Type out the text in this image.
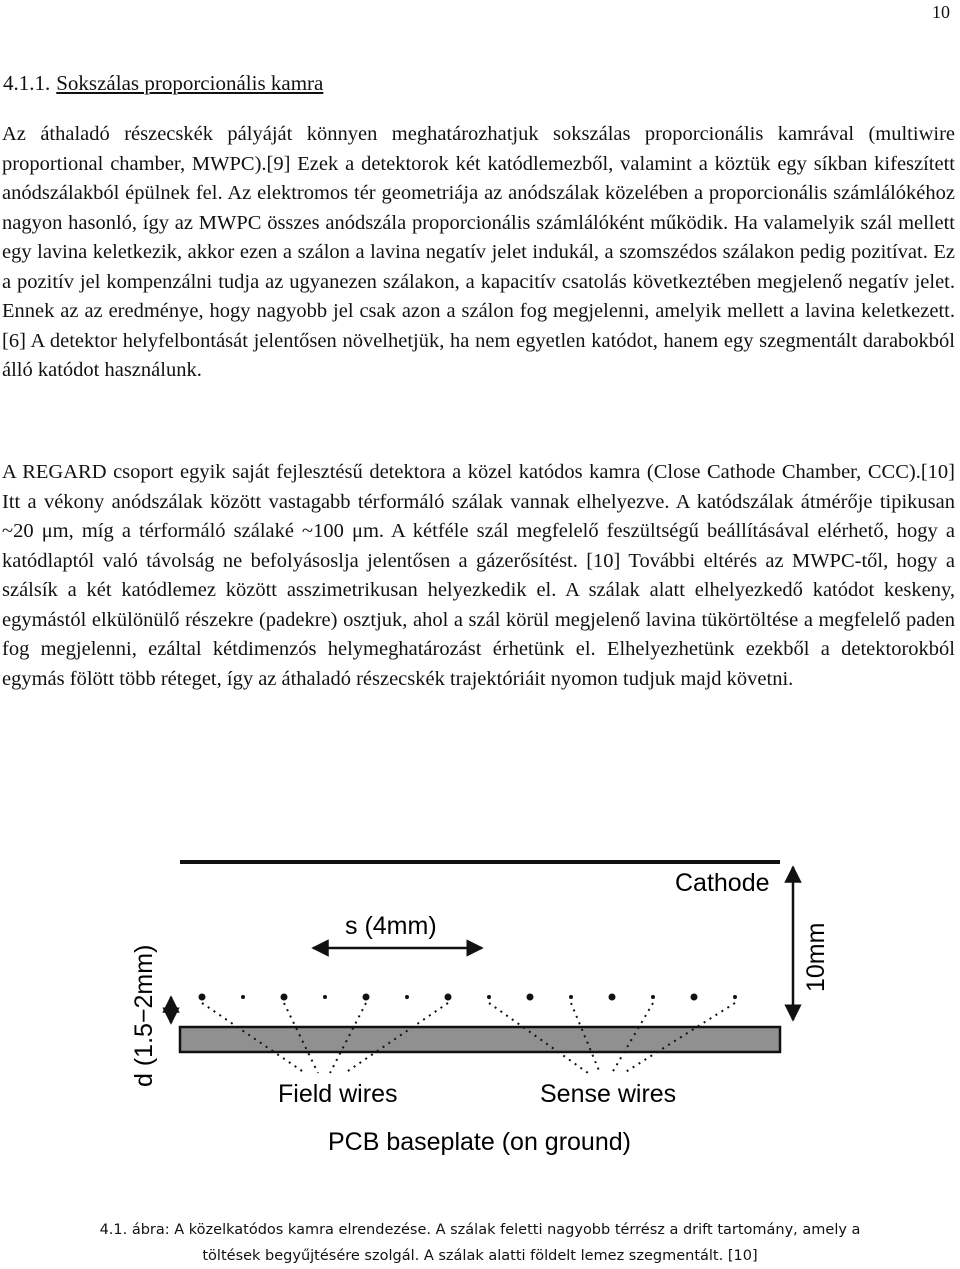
10
4.1.1. Sokszálas proporcionális kamra

Az áthaladó részecskék pályáját könnyen meghatározhatjuk sokszálas proporcionális kamrával (multiwire proportional chamber, MWPC).[9] Ezek a detektorok két katódlemezből, valamint a köztük egy síkban kifeszített anódszálakból épülnek fel. Az elektromos tér geometriája az anódszálak közelében a proporcionális számlálókéhoz nagyon hasonló, így az MWPC összes anódszála proporcionális számlálóként működik. Ha valamelyik szál mellett egy lavina keletkezik, akkor ezen a szálon a lavina negatív jelet indukál, a szomszédos szálakon pedig pozitívat. Ez a pozitív jel kompenzálni tudja az ugyanezen szálakon, a kapacitív csatolás következtében megjelenő negatív jelet. Ennek az az eredménye, hogy nagyobb jel csak azon a szálon fog megjelenni, amelyik mellett a lavina keletkezett.[6] A detektor helyfelbontását jelentősen növelhetjük, ha nem egyetlen katódot, hanem egy szegmentált darabokból álló katódot használunk.

A REGARD csoport egyik saját fejlesztésű detektora a közel katódos kamra (Close Cathode Chamber, CCC).[10] Itt a vékony anódszálak között vastagabb térformáló szálak vannak elhelyezve. A katódszálak átmérője tipikusan ~20 μm, míg a térformáló szálaké ~100 μm. A kétféle szál megfelelő feszültségű beállításával elérhető, hogy a katódlaptól való távolság ne befolyásoslja jelentősen a gázerősítést. [10] További eltérés az MWPC-től, hogy a szálsík a két katódlemez között asszimetrikusan helyezkedik el. A szálak alatt elhelyezkedő katódot keskeny, egymástól elkülönülő részekre (padekre) osztjuk, ahol a szál körül megjelenő lavina tükörtöltése a megfelelő paden fog megjelenni, ezáltal kétdimenzós helymeghatározást érhetünk el. Elhelyezhetünk ezekből a detektorokból egymás fölött több réteget, így az áthaladó részecskék trajektóriáit nyomon tudjuk majd követni.

Cathode
s (4mm)	10mm
d (1.5−2mm)
Field wires	Sense wires
PCB baseplate (on ground)
4.1. ábra: A közelkatódos kamra elrendezése. A szálak feletti nagyobb térrész a drift tartomány, amely a
töltések begyűjtésére szolgál. A szálak alatti földelt lemez szegmentált. [10]
